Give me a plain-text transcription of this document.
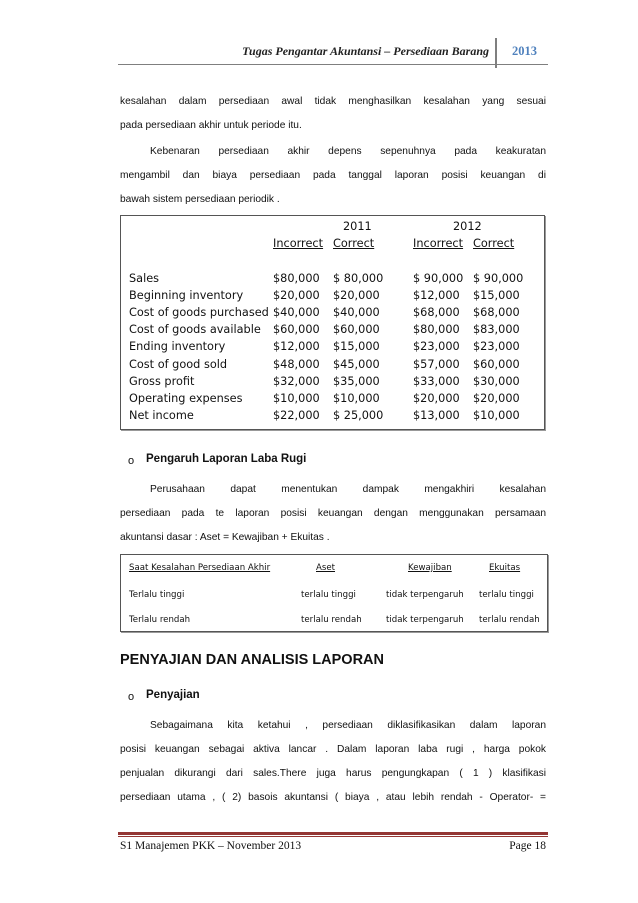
Tugas Pengantar Akuntansi – Persediaan Barang 2013
kesalahan dalam persediaan awal tidak menghasilkan kesalahan yang sesuai
pada persediaan akhir untuk periode itu.
Kebenaran persediaan akhir depens sepenuhnya pada keakuratan
mengambil dan biaya persediaan pada tanggal laporan posisi keuangan di
bawah sistem persediaan periodik .
2011	2012
Incorrect Correct	Incorrect Correct
Sales	$80,000 $ 80,000	$ 90,000 $ 90,000
Beginning inventory	$20,000 $20,000	$12,000 $15,000
Cost of goods purchased $40,000 $40,000	$68,000 $68,000
Cost of goods available $60,000 $60,000	$80,000 $83,000
Ending inventory	$12,000 $15,000	$23,000 $23,000
Cost of good sold	$48,000 $45,000	$57,000 $60,000
Gross profit	$32,000 $35,000	$33,000 $30,000
Operating expenses	$10,000 $10,000	$20,000 $20,000
Net income	$22,000 $ 25,000	$13,000 $10,000
o Pengaruh Laporan Laba Rugi
Perusahaan dapat menentukan dampak mengakhiri kesalahan
persediaan pada te laporan posisi keuangan dengan menggunakan persamaan
akuntansi dasar : Aset = Kewajiban + Ekuitas .
Saat Kesalahan Persediaan Akhir	Aset	Kewajiban	Ekuitas
Terlalu tinggi	terlalu tinggi	tidak terpengaruh terlalu tinggi
Terlalu rendah	terlalu rendah	tidak terpengaruh terlalu rendah
PENYAJIAN DAN ANALISIS LAPORAN
o Penyajian
Sebagaimana kita ketahui , persediaan diklasifikasikan dalam laporan
posisi keuangan sebagai aktiva lancar . Dalam laporan laba rugi , harga pokok
penjualan dikurangi dari sales.There juga harus pengungkapan ( 1 ) klasifikasi
persediaan utama , ( 2) basois akuntansi ( biaya , atau lebih rendah - Operator- =
S1 Manajemen PKK – November 2013	Page 18
